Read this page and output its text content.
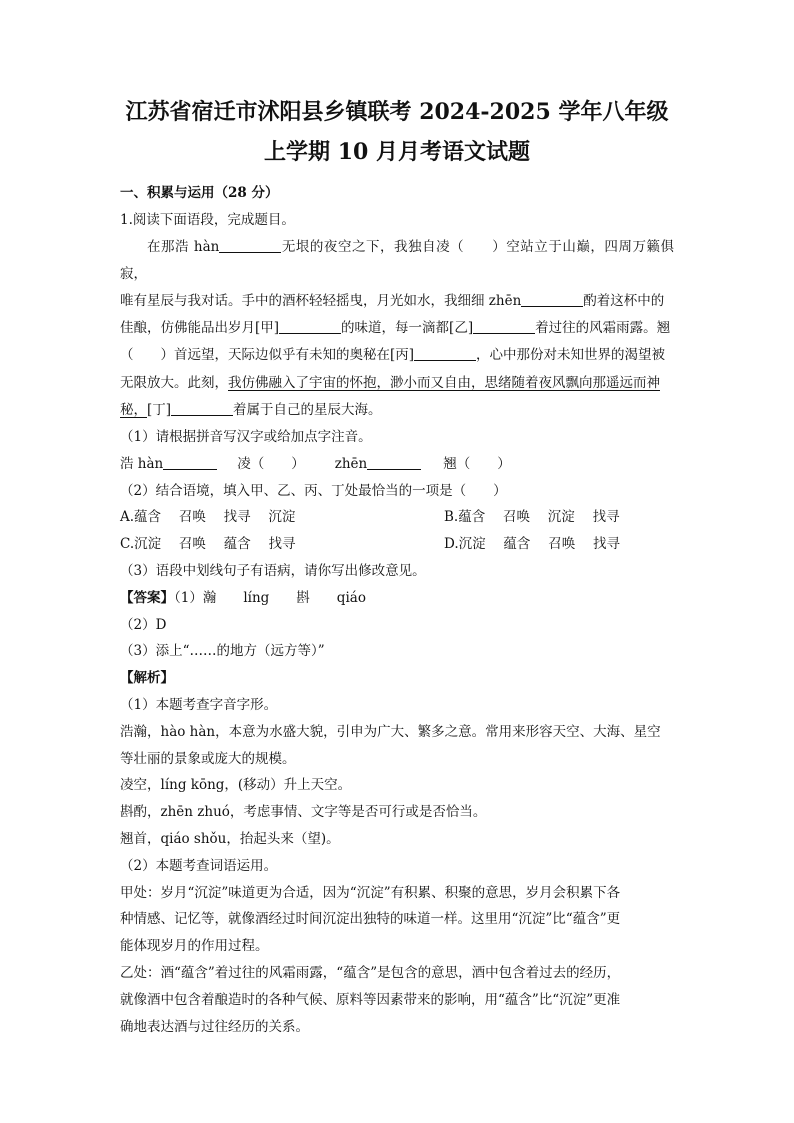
江苏省宿迁市沭阳县乡镇联考 2024-2025 学年八年级
上学期 10 月月考语文试题
一、积累与运用（28 分）
1.阅读下面语段，完成题目。

在那浩 hàn	无垠的夜空之下，我独自凌（　　）空站立于山巅，四周万籁俱寂，

唯有星辰与我对话。手中的酒杯轻轻摇曳，月光如水，我细细 zhēn	酌着这杯中的

佳酿，仿佛能品出岁月[甲]	的味道，每一滴都[乙]	着过往的风霜雨露。翘

（　　）首远望，天际边似乎有未知的奥秘在[丙]	，心中那份对未知世界的渴望被

无限放大。此刻，我仿佛融入了宇宙的怀抱，渺小而又自由，思绪随着夜风飘向那遥远而神

秘，[丁]	着属于自己的星辰大海。

（1）请根据拼音写汉字或给加点字注音。
浩 hàn	凌（　　） zhēn	翘（　　）
（2）结合语境，填入甲、乙、丙、丁处最恰当的一项是（　　）
A.蕴含　 召唤　 找寻　 沉淀	B.蕴含　 召唤　 沉淀　 找寻
C.沉淀　 召唤　 蕴含　 找寻	D.沉淀　 蕴含　 召唤　 找寻
（3）语段中划线句子有语病，请你写出修改意见。
【答案】（1）瀚　　líng　　斟　　qiáo
（2）D
（3）添上“……的地方（远方等）”
【解析】
（1）本题考查字音字形。
浩瀚，hào hàn，本意为水盛大貌，引申为广大、繁多之意。常用来形容天空、大海、星空
等壮丽的景象或庞大的规模。
凌空，líng kōng，(移动）升上天空。
斟酌，zhēn zhuó，考虑事情、文字等是否可行或是否恰当。
翘首，qiáo shǒu，抬起头来（望)。
（2）本题考查词语运用。
甲处：岁月“沉淀”味道更为合适，因为“沉淀”有积累、积聚的意思，岁月会积累下各
种情感、记忆等，就像酒经过时间沉淀出独特的味道一样。这里用“沉淀”比“蕴含”更
能体现岁月的作用过程。
乙处：酒“蕴含”着过往的风霜雨露，“蕴含”是包含的意思，酒中包含着过去的经历，
就像酒中包含着酿造时的各种气候、原料等因素带来的影响，用“蕴含”比“沉淀”更准
确地表达酒与过往经历的关系。
